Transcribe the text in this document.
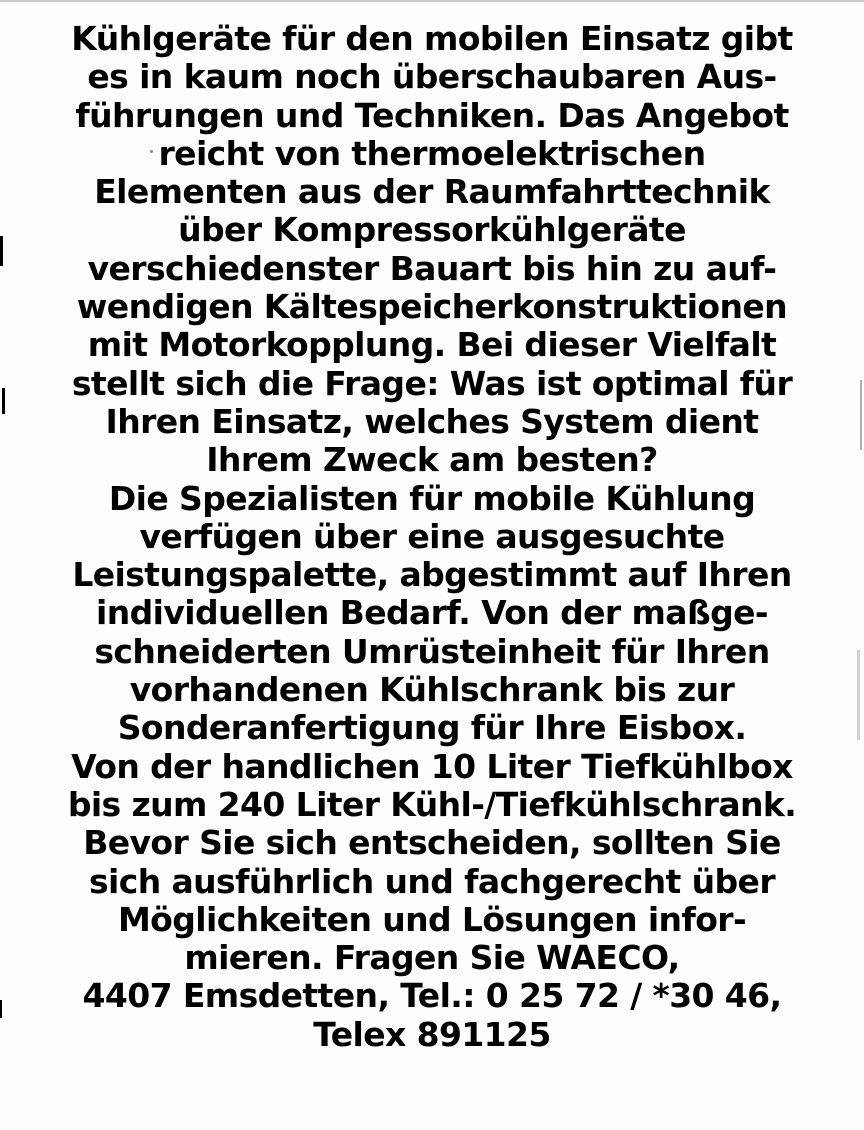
Kühlgeräte für den mobilen Einsatz gibt
es in kaum noch überschaubaren Aus-
führungen und Techniken. Das Angebot
reicht von thermoelektrischen
Elementen aus der Raumfahrttechnik
über Kompressorkühlgeräte
verschiedenster Bauart bis hin zu auf-
wendigen Kältespeicherkonstruktionen
mit Motorkopplung. Bei dieser Vielfalt
stellt sich die Frage: Was ist optimal für
Ihren Einsatz, welches System dient
Ihrem Zweck am besten?
Die Spezialisten für mobile Kühlung
verfügen über eine ausgesuchte
Leistungspalette, abgestimmt auf Ihren
individuellen Bedarf. Von der maßge-
schneiderten Umrüsteinheit für Ihren
vorhandenen Kühlschrank bis zur
Sonderanfertigung für Ihre Eisbox.
Von der handlichen 10 Liter Tiefkühlbox
bis zum 240 Liter Kühl-/Tiefkühlschrank.
Bevor Sie sich entscheiden, sollten Sie
sich ausführlich und fachgerecht über
Möglichkeiten und Lösungen infor-
mieren. Fragen Sie WAECO,
4407 Emsdetten, Tel.: 0 25 72 / *30 46,
Telex 891125
